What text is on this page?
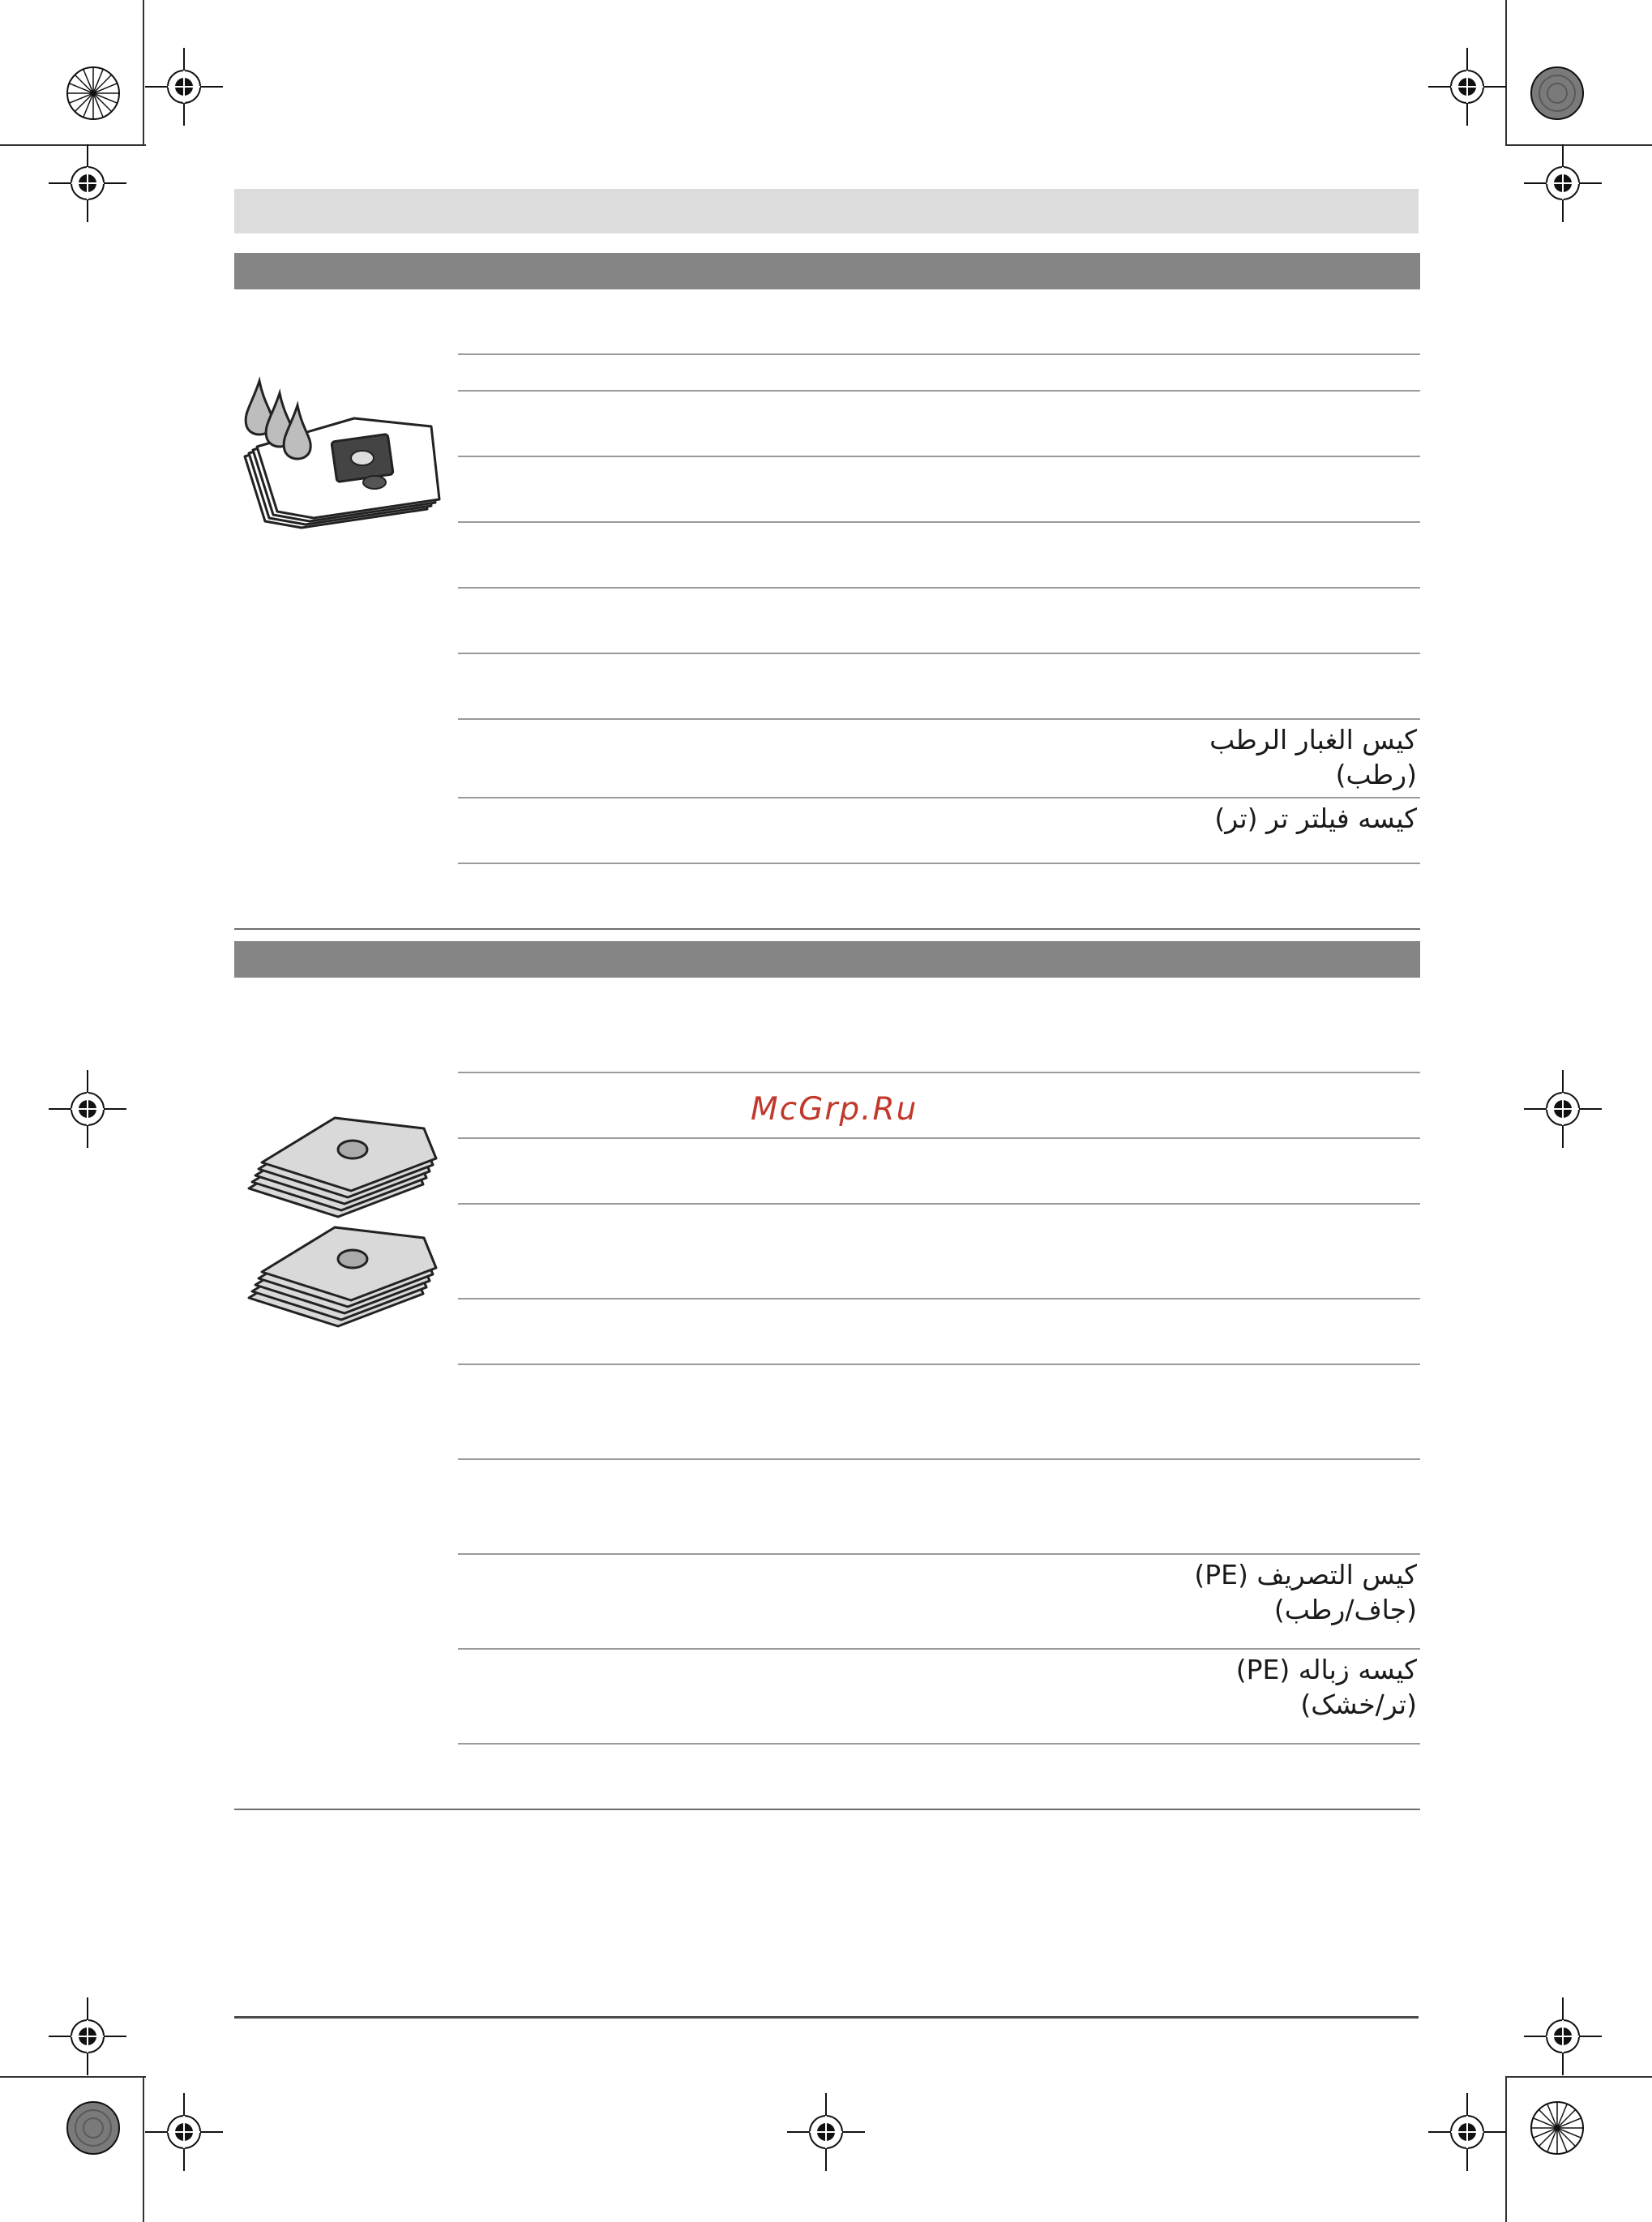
كيس الغبار الرطب
(رطب)
کیسه فیلتر تر (تر)
كيس التصريف (PE)
(جاف/رطب)
کیسه زباله (PE)
(تر/خشک)
McGrp.Ru
